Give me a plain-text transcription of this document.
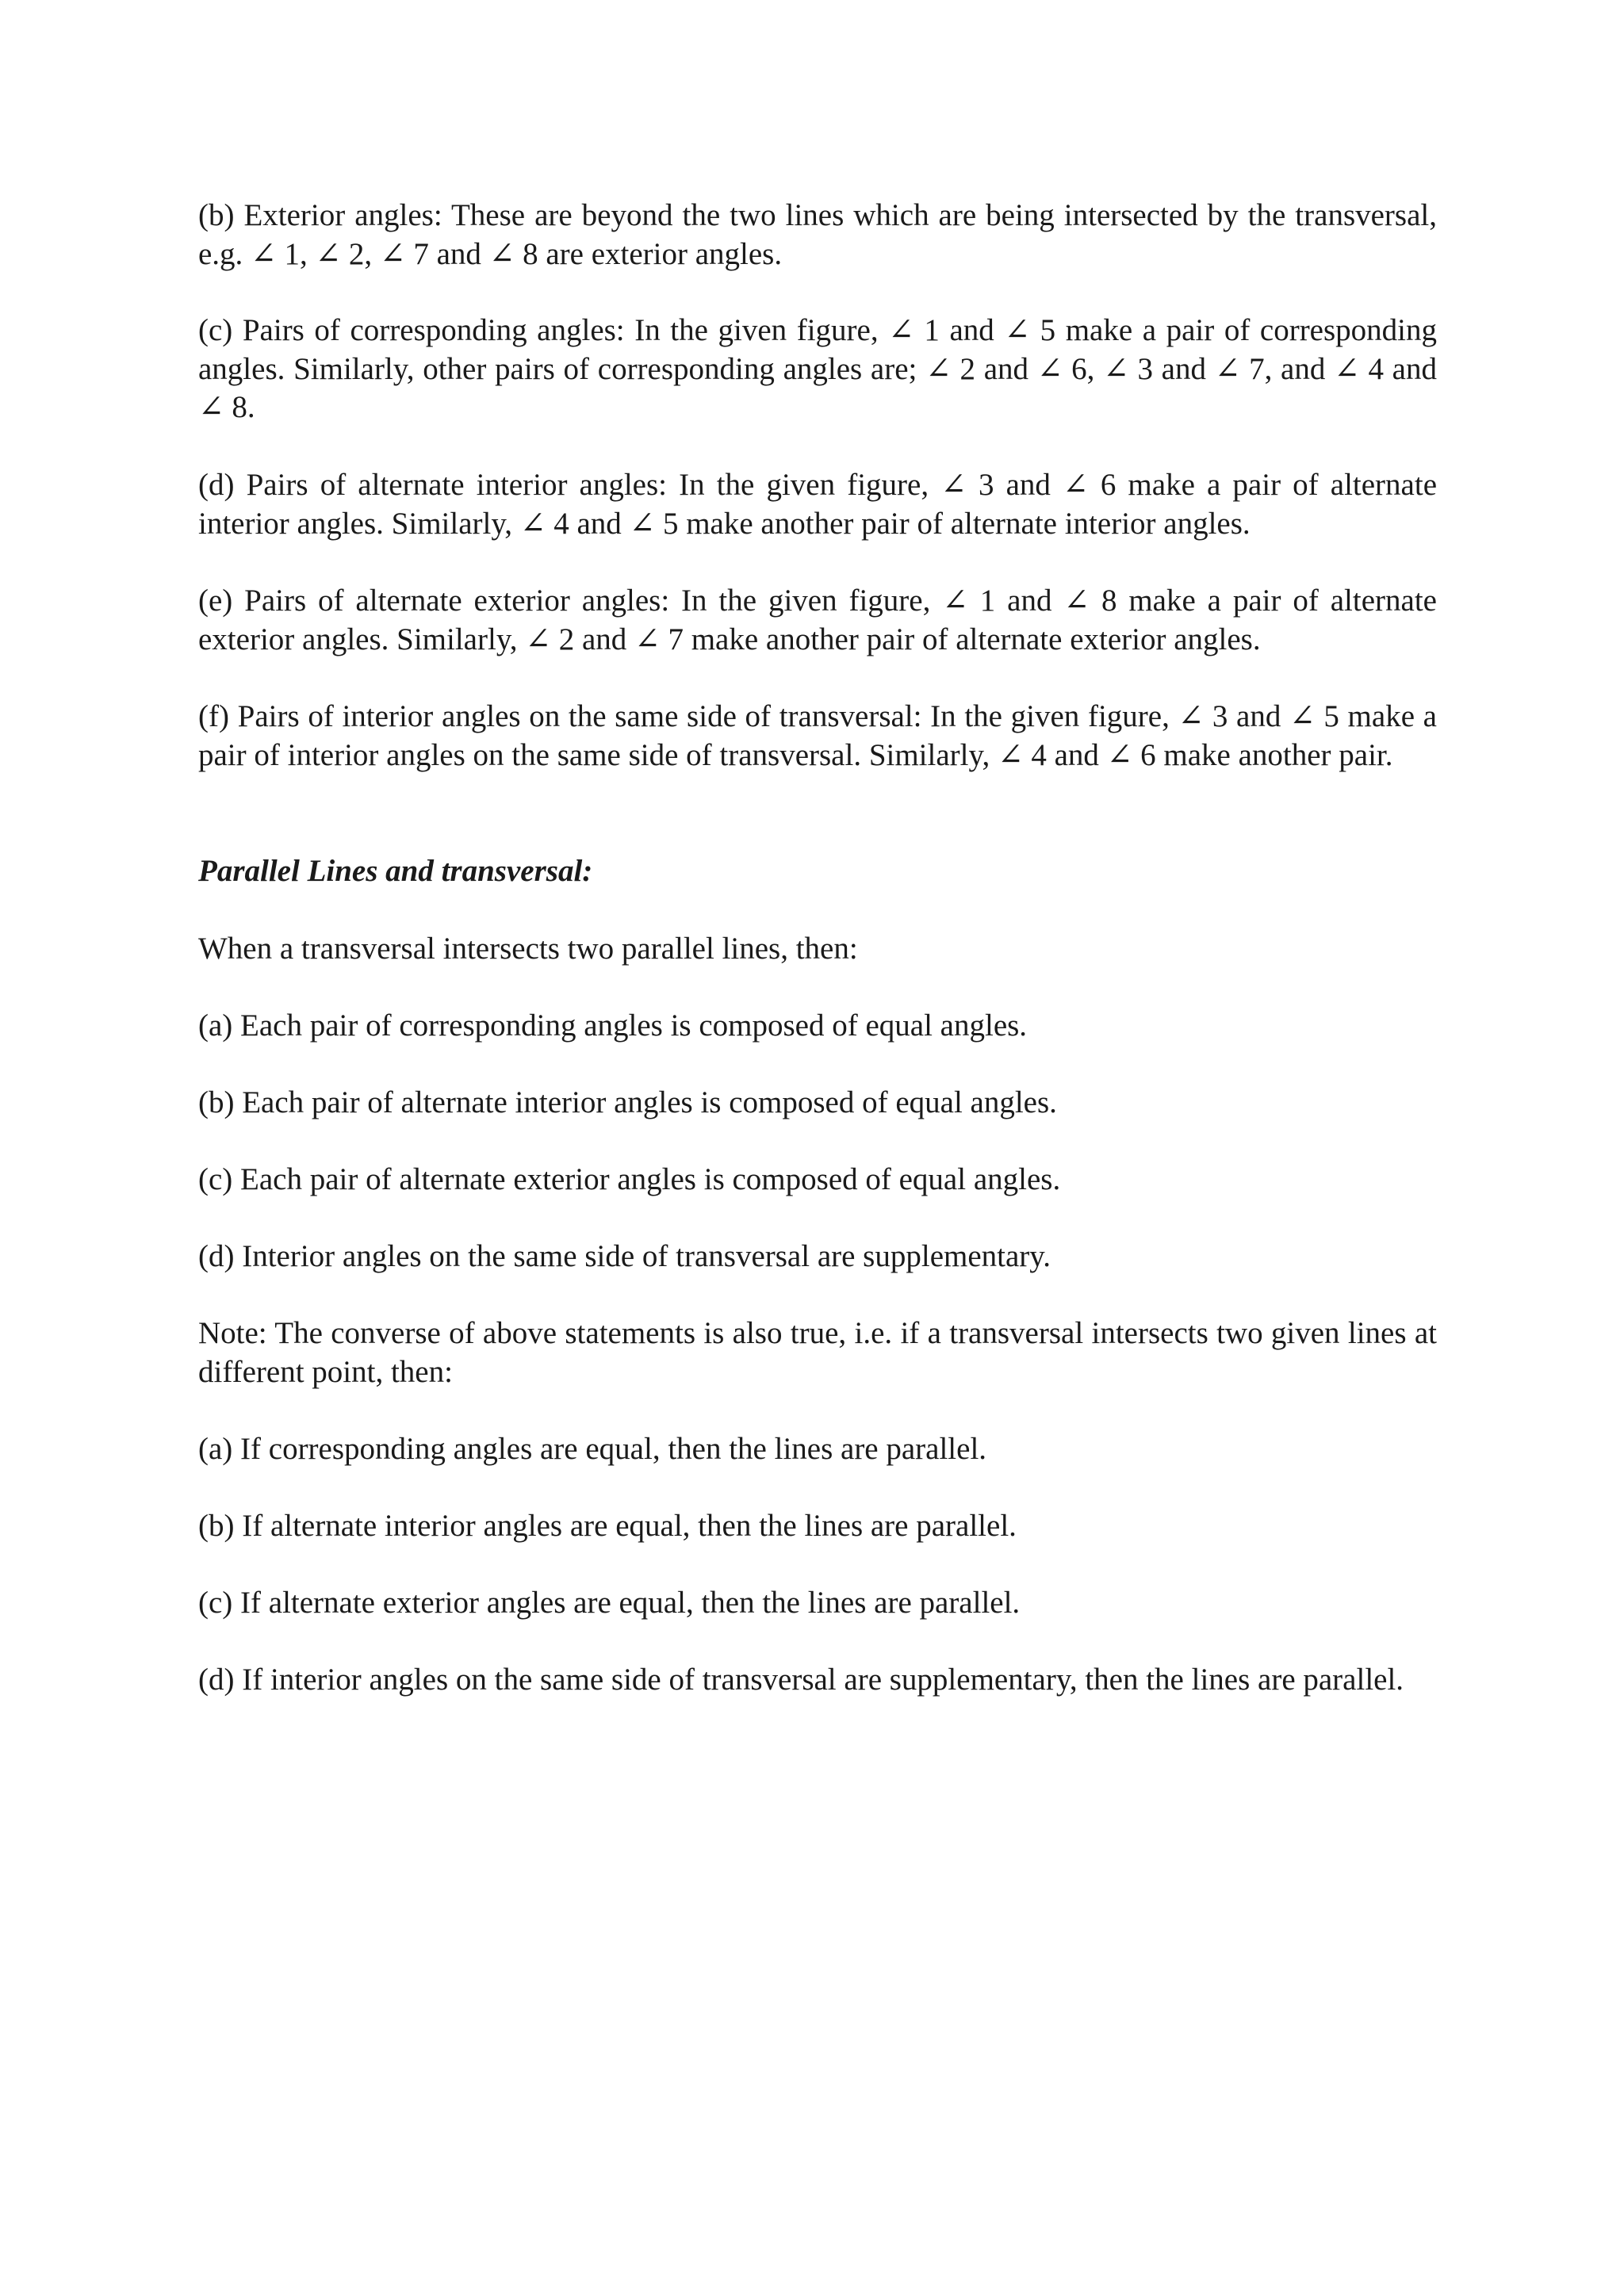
(b) Exterior angles: These are beyond the two lines which are being intersected by the transversal, e.g. ∠ 1, ∠ 2, ∠ 7 and ∠ 8 are exterior angles.

(c) Pairs of corresponding angles: In the given figure, ∠ 1 and ∠ 5 make a pair of corresponding angles. Similarly, other pairs of corresponding angles are; ∠ 2 and ∠ 6, ∠ 3 and ∠ 7, and ∠ 4 and ∠ 8.

(d) Pairs of alternate interior angles: In the given figure, ∠ 3 and ∠ 6 make a pair of alternate interior angles. Similarly, ∠ 4 and ∠ 5 make another pair of alternate interior angles.

(e) Pairs of alternate exterior angles: In the given figure, ∠ 1 and ∠ 8 make a pair of alternate exterior angles. Similarly, ∠ 2 and ∠ 7 make another pair of alternate exterior angles.

(f) Pairs of interior angles on the same side of transversal: In the given figure, ∠ 3 and ∠ 5 make a pair of interior angles on the same side of transversal. Similarly, ∠ 4 and ∠ 6 make another pair.

Parallel Lines and transversal:

When a transversal intersects two parallel lines, then:

(a) Each pair of corresponding angles is composed of equal angles.

(b) Each pair of alternate interior angles is composed of equal angles.

(c) Each pair of alternate exterior angles is composed of equal angles.

(d) Interior angles on the same side of transversal are supplementary.

Note: The converse of above statements is also true, i.e. if a transversal intersects two given lines at different point, then:

(a) If corresponding angles are equal, then the lines are parallel.

(b) If alternate interior angles are equal, then the lines are parallel.

(c) If alternate exterior angles are equal, then the lines are parallel.

(d) If interior angles on the same side of transversal are supplementary, then the lines are parallel.
